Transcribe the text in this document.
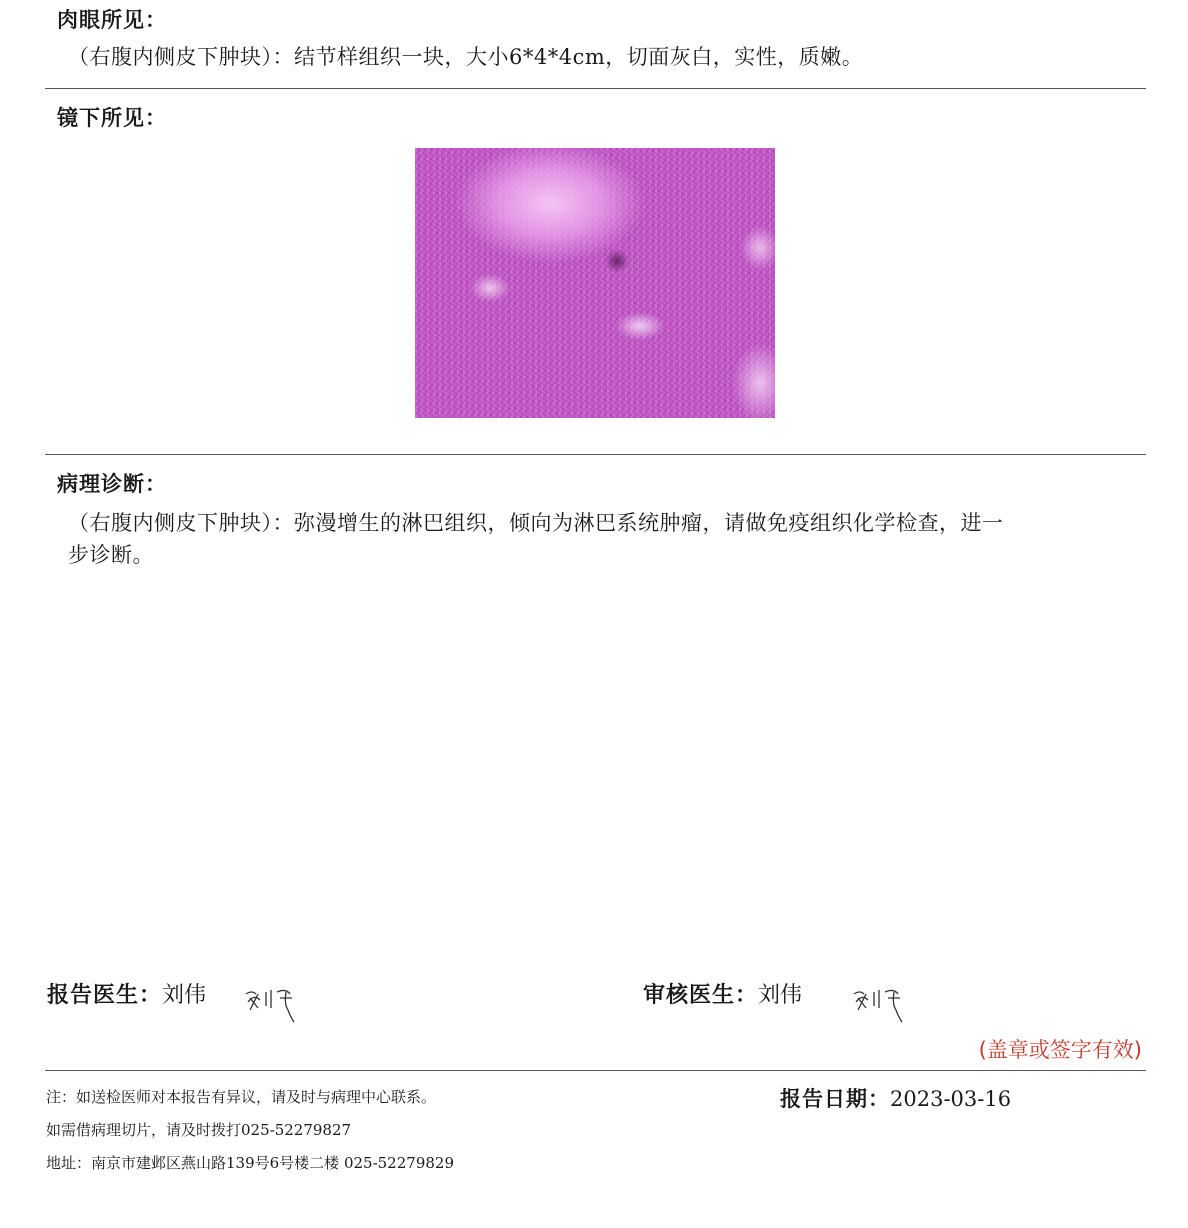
肉眼所见：
（右腹内侧皮下肿块）：结节样组织一块，大小6*4*4cm，切面灰白，实性，质嫩。
镜下所见：
病理诊断：
（右腹内侧皮下肿块）：弥漫增生的淋巴组织，倾向为淋巴系统肿瘤，请做免疫组织化学检查，进一
步诊断。
报告医生：刘伟	审核医生：刘伟
(盖章或签字有效)
注：如送检医师对本报告有异议，请及时与病理中心联系。
如需借病理切片，请及时拨打025-52279827
地址：南京市建邺区燕山路139号6号楼二楼 025-52279829
报告日期：2023-03-16
